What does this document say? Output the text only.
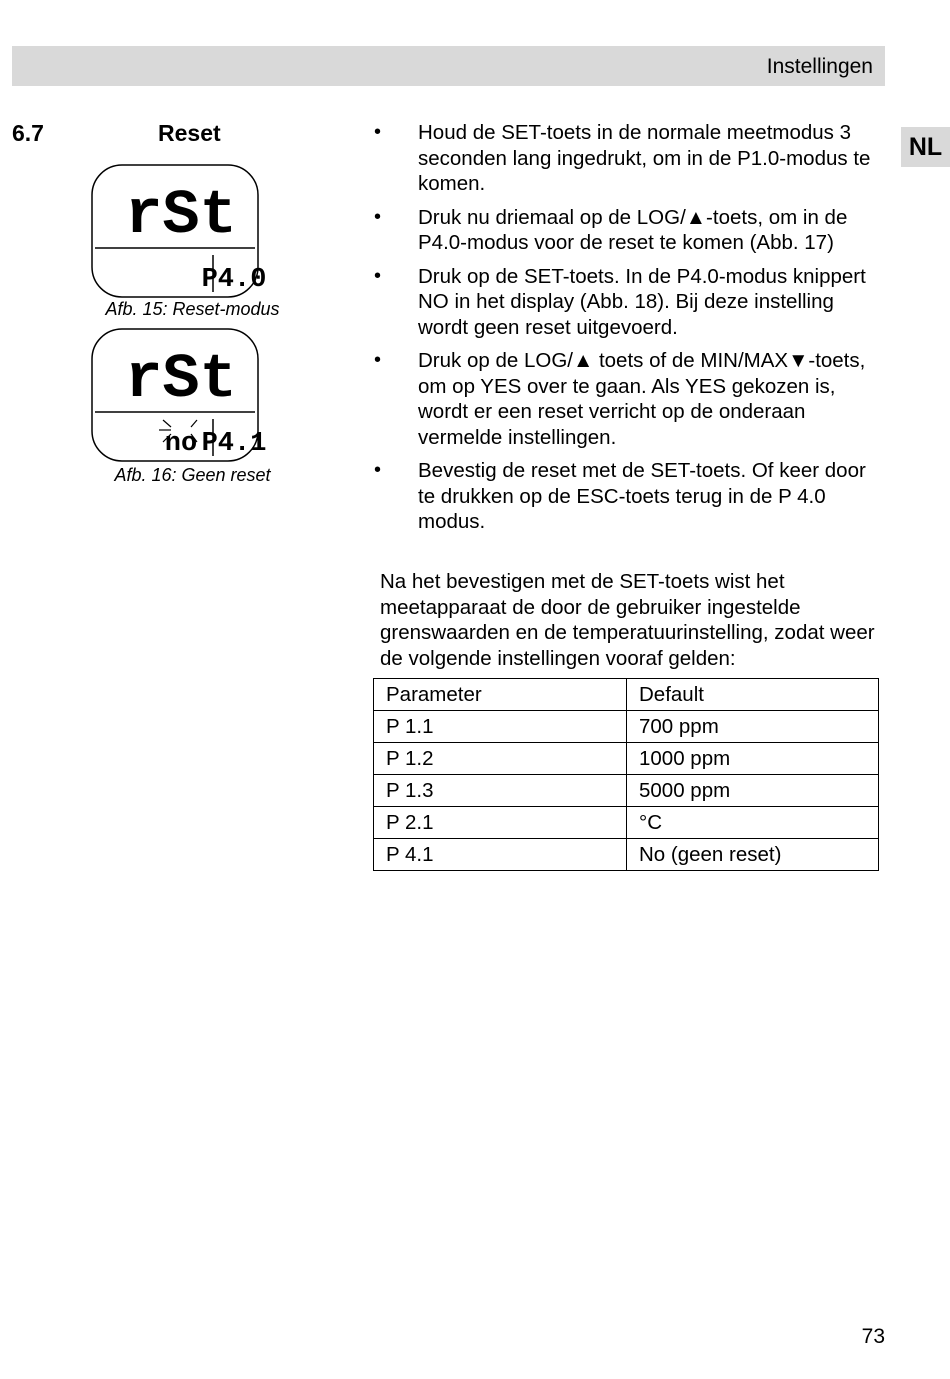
Instellingen
NL
6.7	Reset
rSt
P4.0
Afb. 15: Reset-modus
rSt
no P4.1
Afb. 16: Geen reset
• Houd de SET-toets in de normale meetmodus 3 seconden lang ingedrukt, om in de P1.0-modus te komen.
• Druk nu driemaal op de LOG/▲-toets, om in de P4.0-modus voor de reset te komen (Abb. 17)
• Druk op de SET-toets. In de P4.0-modus knippert NO in het display (Abb. 18). Bij deze instelling wordt geen reset uitgevoerd.
• Druk op de LOG/▲ toets of de MIN/MAX▼-toets, om op YES over te gaan. Als YES gekozen is, wordt er een reset verricht op de onderaan vermelde instellingen.
• Bevestig de reset met de SET-toets. Of keer door te drukken op de ESC-toets terug in de P 4.0 modus.

Na het bevestigen met de SET-toets wist het meetapparaat de door de gebruiker ingestelde grenswaarden en de temperatuurinstelling, zodat weer de volgende instellingen vooraf gelden:

Parameter	Default
P 1.1	700 ppm
P 1.2	1000 ppm
P 1.3	5000 ppm
P 2.1	°C
P 4.1	No (geen reset)
73
